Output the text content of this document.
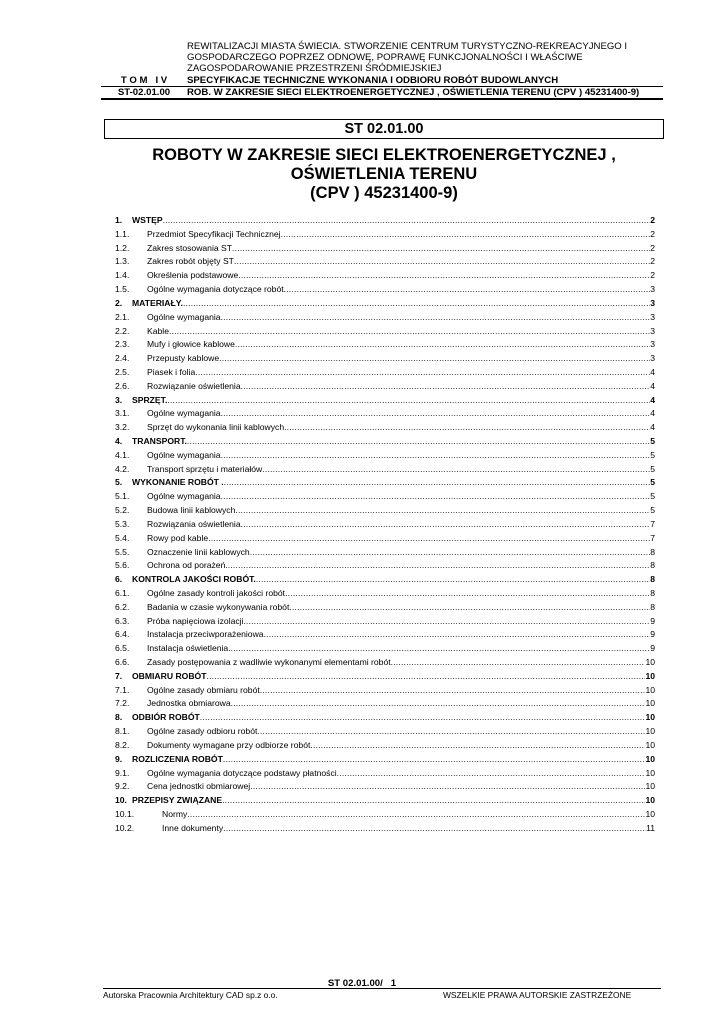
REWITALIZACJI MIASTA ŚWIECIA. STWORZENIE CENTRUM TURYSTYCZNO-REKREACYJNEGO I
GOSPODARCZEGO POPRZEZ ODNOWĘ, POPRAWĘ FUNKCJONALNOŚCI I WŁAŚCIWE
ZAGOSPODAROWANIE PRZESTRZENI ŚRÓDMIEJSKIEJ
T O M   I V	SPECYFIKACJE TECHNICZNE WYKONANIA I ODBIORU ROBÓT BUDOWLANYCH
ST-02.01.00	ROB. W ZAKRESIE SIECI ELEKTROENERGETYCZNEJ , OŚWIETLENIA TERENU (CPV ) 45231400-9)
ST 02.01.00
ROBOTY W ZAKRESIE SIECI ELEKTROENERGETYCZNEJ ,
OŚWIETLENIA TERENU
(CPV ) 45231400-9)
1.	WSTĘP .....	2
1.1.	Przedmiot Specyfikacji Technicznej .....	2
1.2.	Zakres stosowania ST .....	2
1.3.	Zakres robót objęty ST .....	2
1.4.	Określenia podstawowe .....	2
1.5.	Ogólne wymagania dotyczące robót .....	3
2.	MATERIAŁY. .....	3
2.1.	Ogólne wymagania .....	3
2.2.	Kable .....	3
2.3.	Mufy i głowice kablowe .....	3
2.4.	Przepusty kablowe .....	3
2.5.	Piasek i folia .....	4
2.6.	Rozwiązanie oświetlenia .....	4
3.	SPRZĘT. .....	4
3.1.	Ogólne wymagania .....	4
3.2.	Sprzęt do wykonania linii kablowych .....	4
4.	TRANSPORT. .....	5
4.1.	Ogólne wymagania .....	5
4.2.	Transport sprzętu i materiałów .....	5
5.	WYKONANIE ROBÓT . .....	5
5.1.	Ogólne wymagania .....	5
5.2.	Budowa linii kablowych .....	5
5.3.	Rozwiązania oświetlenia .....	7
5.4.	Rowy pod kable .....	7
5.5.	Oznaczenie linii kablowych .....	8
5.6.	Ochrona od porażeń. .....	8
6.	KONTROLA JAKOŚCI ROBÓT. .....	8
6.1.	Ogólne zasady kontroli jakości robót .....	8
6.2.	Badania w czasie wykonywania robót .....	8
6.3.	Próba napięciowa izolacji. .....	9
6.4.	Instalacja przeciwporażeniowa .....	9
6.5.	Instalacja oświetlenia. .....	9
6.6.	Zasady postępowania z wadliwie wykonanymi elementami robót .....	10
7.	OBMIARU ROBÓT .....	10
7.1.	Ogólne zasady obmiaru robót .....	10
7.2.	Jednostka obmiarowa .....	10
8.	ODBIÓR ROBÓT .....	10
8.1.	Ogólne zasady odbioru robót .....	10
8.2.	Dokumenty wymagane przy odbiorze robót .....	10
9.	ROZLICZENIA ROBÓT .....	10
9.1.	Ogólne wymagania dotyczące podstawy płatności .....	10
9.2.	Cena jednostki obmiarowej .....	10
10. PRZEPISY ZWIĄZANE .....	10
10.1.	Normy .....	10
10.2.	Inne dokumenty .....	11
ST 02.01.00/   1
Autorska Pracownia Architektury CAD sp.z o.o.	WSZELKIE PRAWA AUTORSKIE ZASTRZEŻONE
